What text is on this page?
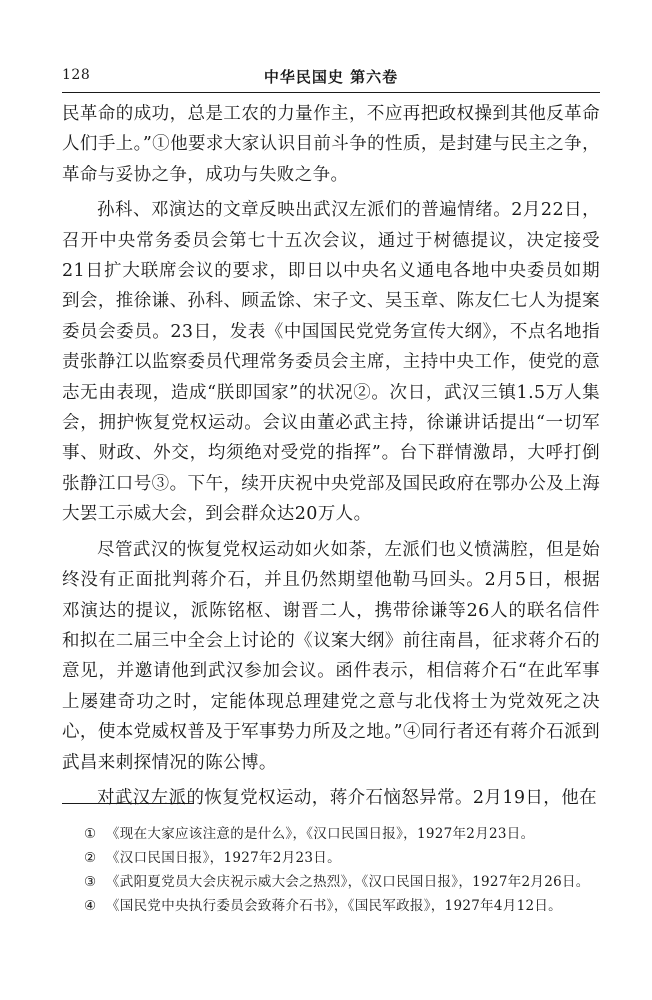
128	中华民国史 第六卷

民革命的成功，总是工农的力量作主，不应再把政权操到其他反革命人们手上。”①他要求大家认识目前斗争的性质，是封建与民主之争，革命与妥协之争，成功与失败之争。

孙科、邓演达的文章反映出武汉左派们的普遍情绪。2月22日，召开中央常务委员会第七十五次会议，通过于树德提议，决定接受21日扩大联席会议的要求，即日以中央名义通电各地中央委员如期到会，推徐谦、孙科、顾孟馀、宋子文、吴玉章、陈友仁七人为提案委员会委员。23日，发表《中国国民党党务宣传大纲》，不点名地指责张静江以监察委员代理常务委员会主席，主持中央工作，使党的意志无由表现，造成“朕即国家”的状况②。次日，武汉三镇1.5万人集会，拥护恢复党权运动。会议由董必武主持，徐谦讲话提出“一切军事、财政、外交，均须绝对受党的指挥”。台下群情激昂，大呼打倒张静江口号③。下午，续开庆祝中央党部及国民政府在鄂办公及上海大罢工示威大会，到会群众达20万人。

尽管武汉的恢复党权运动如火如荼，左派们也义愤满腔，但是始终没有正面批判蒋介石，并且仍然期望他勒马回头。2月5日，根据邓演达的提议，派陈铭枢、谢晋二人，携带徐谦等26人的联名信件和拟在二届三中全会上讨论的《议案大纲》前往南昌，征求蒋介石的意见，并邀请他到武汉参加会议。函件表示，相信蒋介石“在此军事上屡建奇功之时，定能体现总理建党之意与北伐将士为党效死之决心，使本党威权普及于军事势力所及之地。”④同行者还有蒋介石派到武昌来刺探情况的陈公博。

对武汉左派的恢复党权运动，蒋介石恼怒异常。2月19日，他在

① 《现在大家应该注意的是什么》，《汉口民国日报》，1927年2月23日。

② 《汉口民国日报》，1927年2月23日。

③ 《武阳夏党员大会庆祝示威大会之热烈》，《汉口民国日报》，1927年2月26日。

④ 《国民党中央执行委员会致蒋介石书》，《国民军政报》，1927年4月12日。
